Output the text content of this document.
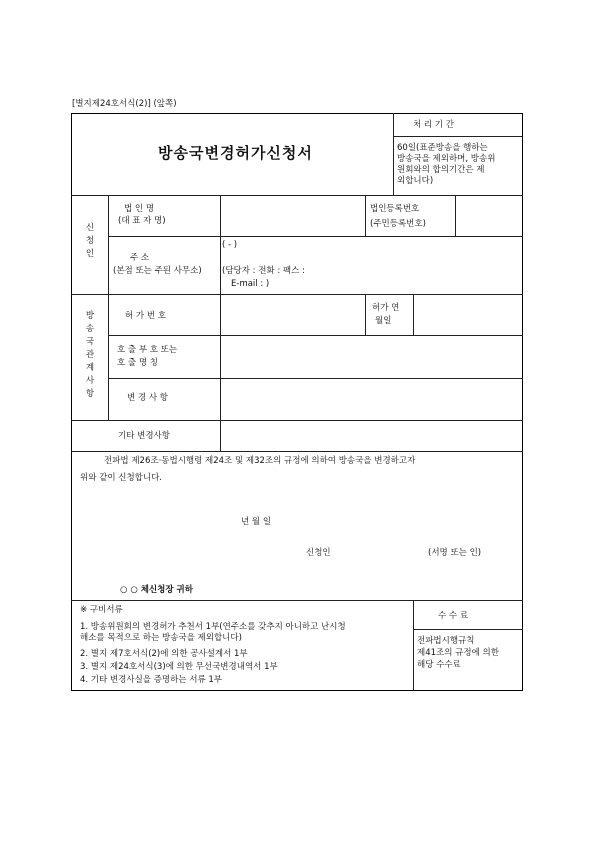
[별지제24호서식(2)] (앞쪽)
방송국변경허가신청서
처 리 기 간
60일(표준방송을 행하는
방송국을 제외하며, 방송위
원회와의 합의기간은 제
외합니다)
신청인
법 인 명
(대 표 자 명)
법인등록번호
(주민등록번호)
주 소
(본점 또는 주된 사무소)
( - )
(담당자 : 전화 : 팩스 :
E-mail : )
방송국관계사항
허 가 번 호
허가 연
월일
호 출 부 호 또는
호 출 명 칭
변 경 사 항
기타 변경사항
전파법 제26조·동법시행령 제24조 및 제32조의 규정에 의하여 방송국을 변경하고자
위와 같이 신청합니다.
년 월 일
신청인	(서명 또는 인)
○ ○ 체신청장 귀하
※ 구비서류
1. 방송위원회의 변경허가 추천서 1부(연주소를 갖추지 아니하고 난시청
해소를 목적으로 하는 방송국을 제외합니다)
2. 별지 제7호서식(2)에 의한 공사설계서 1부
3. 별지 제24호서식(3)에 의한 무선국변경내역서 1부
4. 기타 변경사실을 증명하는 서류 1부
수 수 료
전파법시행규칙
제41조의 규정에 의한
해당 수수료
